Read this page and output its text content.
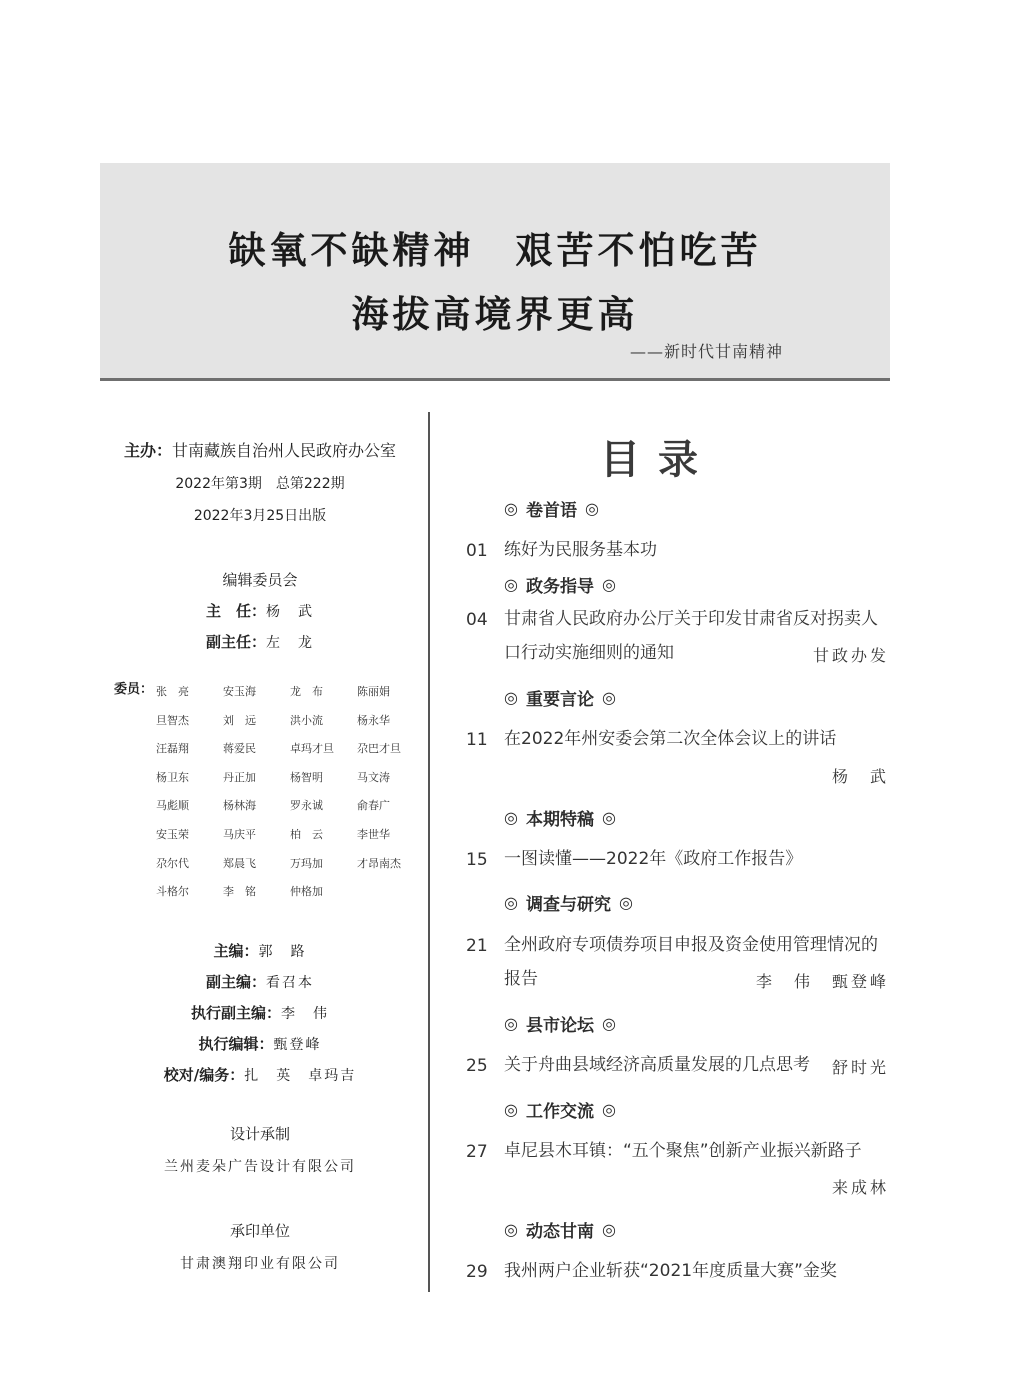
缺氧不缺精神　艰苦不怕吃苦
海拔高境界更高
——新时代甘南精神
主办：甘南藏族自治州人民政府办公室
2022年第3期　总第222期
2022年3月25日出版
编辑委员会
主　任：杨　武
副主任：左　龙
委员： 张　亮	安玉海	龙　布	陈丽娟
旦智杰	刘　远	洪小流	杨永华
汪磊翔	蒋爱民	卓玛才旦	尕巴才旦
杨卫东	丹正加	杨智明	马文涛
马彪顺	杨林海	罗永诚	俞春广
安玉荣	马庆平	柏　云	李世华
尕尔代	郑晨飞	万玛加	才昂南杰
斗格尔	李　铭	仲格加
主编：郭　路
副主编：看召本
执行副主编：李　伟
执行编辑：甄登峰
校对/编务：扎　英　卓玛吉
设计承制
兰州麦朵广告设计有限公司
承印单位
甘肃澳翔印业有限公司
目录
◎ 卷首语 ◎
01 练好为民服务基本功
◎ 政务指导 ◎
04 甘肃省人民政府办公厅关于印发甘肃省反对拐卖人口行动实施细则的通知	甘政办发
◎ 重要言论 ◎
11 在2022年州安委会第二次全体会议上的讲话
杨　武
◎ 本期特稿 ◎
15 一图读懂——2022年《政府工作报告》
◎ 调查与研究 ◎
21 全州政府专项债券项目申报及资金使用管理情况的报告	李　伟　甄登峰
◎ 县市论坛 ◎
25 关于舟曲县域经济高质量发展的几点思考	舒时光
◎ 工作交流 ◎
27 卓尼县木耳镇：“五个聚焦”创新产业振兴新路子
来成林
◎ 动态甘南 ◎
29 我州两户企业斩获“2021年度质量大赛”金奖
